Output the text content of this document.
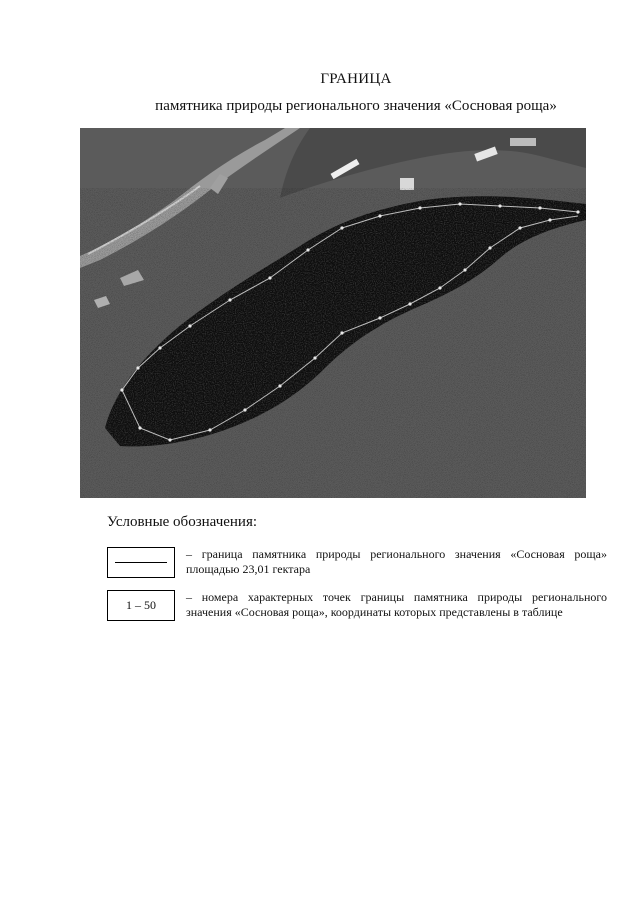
ГРАНИЦА
памятника природы регионального значения «Сосновая роща»
Условные обозначения:
– граница памятника природы регионального значения «Сосновая роща» площадью 23,01 гектара
1 – 50
– номера характерных точек границы памятника природы регионального значения «Сосновая роща», координаты которых представлены в таблице
